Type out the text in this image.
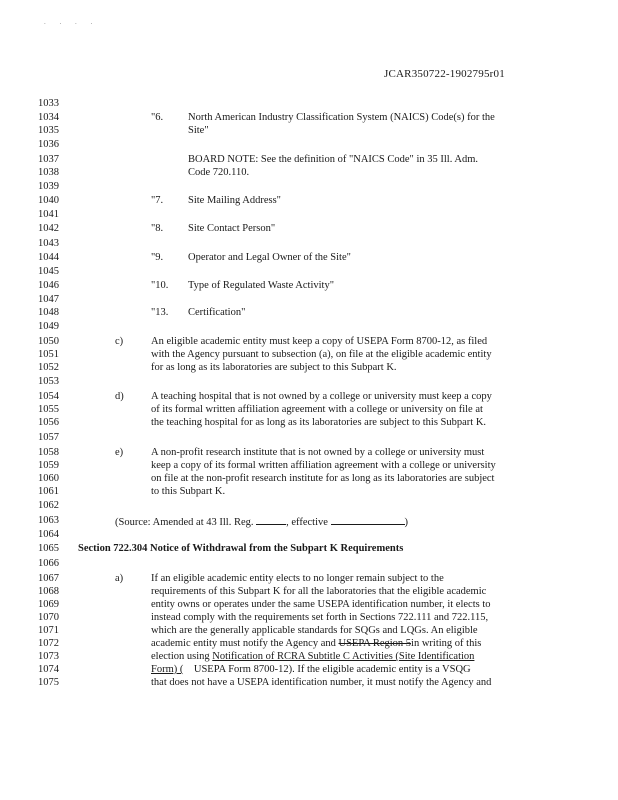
. . . .
JCAR350722-1902795r01
1033
1034
1035
1036
1037
1038
1039
1040
1041
1042
1043
1044
1045
1046
1047
1048
1049
1050
1051
1052
1053
1054
1055
1056
1057
1058
1059
1060
1061
1062
1063
1064
1065
1066
1067
1068
1069
1070
1071
1072
1073
1074
1075
"6. North American Industry Classification System (NAICS) Code(s) for the
Site"
BOARD NOTE: See the definition of "NAICS Code" in 35 Ill. Adm.
Code 720.110.
"7. Site Mailing Address"
"8. Site Contact Person"
"9. Operator and Legal Owner of the Site"
"10. Type of Regulated Waste Activity"
"13. Certification"
c)	An eligible academic entity must keep a copy of USEPA Form 8700-12, as filed
with the Agency pursuant to subsection (a), on file at the eligible academic entity
for as long as its laboratories are subject to this Subpart K.
d)	A teaching hospital that is not owned by a college or university must keep a copy
of its formal written affiliation agreement with a college or university on file at
the teaching hospital for as long as its laboratories are subject to this Subpart K.
e)	A non-profit research institute that is not owned by a college or university must
keep a copy of its formal written affiliation agreement with a college or university
on file at the non-profit research institute for as long as its laboratories are subject
to this Subpart K.
(Source: Amended at 43 Ill. Reg.	, effective	)
Section 722.304 Notice of Withdrawal from the Subpart K Requirements
a)	If an eligible academic entity elects to no longer remain subject to the
requirements of this Subpart K for all the laboratories that the eligible academic
entity owns or operates under the same USEPA identification number, it elects to
instead comply with the requirements set forth in Sections 722.111 and 722.115,
which are the generally applicable standards for SQGs and LQGs. An eligible
academic entity must notify the Agency and USEPA Region 5in writing of this
election using Notification of RCRA Subtitle C Activities (Site Identification
Form) ( USEPA Form 8700-12). If the eligible academic entity is a VSQG
that does not have a USEPA identification number, it must notify the Agency and
